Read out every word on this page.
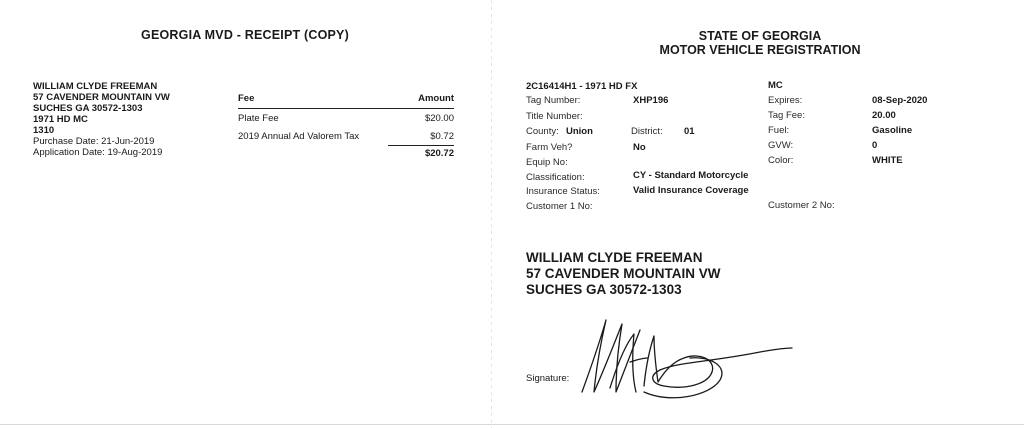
GEORGIA MVD - RECEIPT (COPY)
WILLIAM CLYDE FREEMAN
57 CAVENDER MOUNTAIN VW
SUCHES GA 30572-1303
1971 HD MC
1310
Purchase Date: 21-Jun-2019
Application Date: 19-Aug-2019
Fee	Amount
Plate Fee	$20.00
2019 Annual Ad Valorem Tax	$0.72
$20.72
STATE OF GEORGIA
MOTOR VEHICLE REGISTRATION
2C16414H1 - 1971 HD FX	MC
Tag Number:	XHP196
Title Number:
County: Union	District: 01
Farm Veh?	No
Equip No:
Classification:	CY - Standard Motorcycle
Insurance Status:	Valid Insurance Coverage
Customer 1 No:
Expires:	08-Sep-2020
Tag Fee:	20.00
Fuel:	Gasoline
GVW:	0
Color:	WHITE
Customer 2 No:
WILLIAM CLYDE FREEMAN
57 CAVENDER MOUNTAIN VW
SUCHES GA 30572-1303
Signature:
